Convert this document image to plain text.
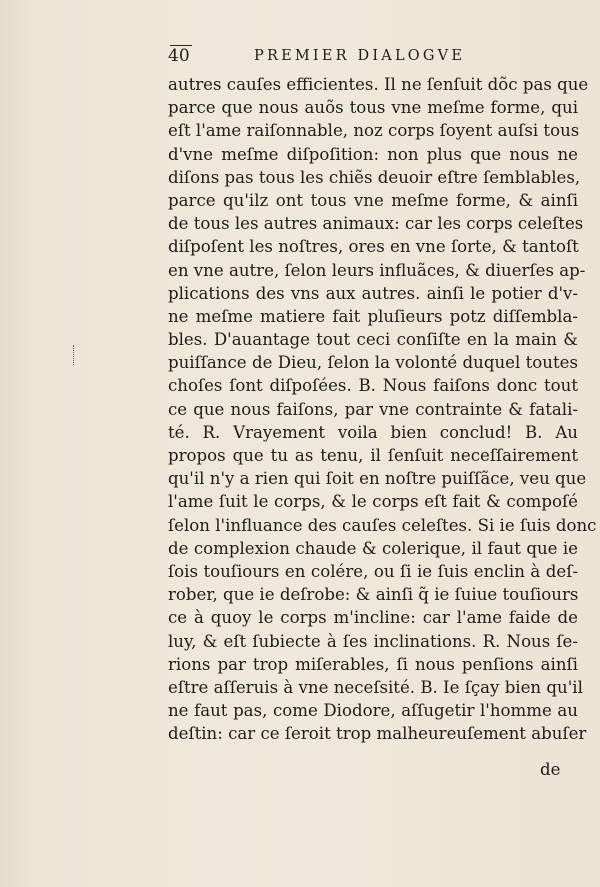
40	PREMIER DIALOGVE
autres cauſes efficientes. Il ne ſenſuit dõc pas que
parce que nous auõs tous vne meſme forme, qui
eſt l'ame raiſonnable, noz corps ſoyent auſsi tous
d'vne meſme diſpoſition: non plus que nous ne
diſons pas tous les chiẽs deuoir eſtre ſemblables,
parce qu'ilz ont tous vne meſme forme, & ainſi
de tous les autres animaux: car les corps celeſtes
diſpoſent les noſtres, ores en vne ſorte, & tantoſt
en vne autre, ſelon leurs influãces, & diuerſes ap-
plications des vns aux autres. ainſi le potier d'v-
ne meſme matiere fait pluſieurs potz diſſembla-
bles. D'auantage tout ceci conſiſte en la main &
puiſſance de Dieu, ſelon la volonté duquel toutes
choſes ſont diſpoſées. B. Nous faiſons donc tout
ce que nous faiſons, par vne contrainte & fatali-
té. R. Vrayement voila bien conclud! B. Au
propos que tu as tenu, il ſenſuit neceſſairement
qu'il n'y a rien qui ſoit en noſtre puiſſãce, veu que
l'ame ſuit le corps, & le corps eſt fait & compoſé
ſelon l'influance des cauſes celeſtes. Si ie ſuis donc
de complexion chaude & colerique, il faut que ie
ſois touſiours en colére, ou ſi ie ſuis enclin à deſ-
rober, que ie deſrobe: & ainſi q̃ ie ſuiue touſiours
ce à quoy le corps m'incline: car l'ame faide de
luy, & eſt ſubiecte à ſes inclinations. R. Nous ſe-
rions par trop miſerables, ſi nous penſions ainſi
eſtre aſſeruis à vne neceſsité. B. Ie ſçay bien qu'il
ne faut pas, come Diodore, aſſugetir l'homme au
deſtin: car ce ſeroit trop malheureuſement abuſer
de
